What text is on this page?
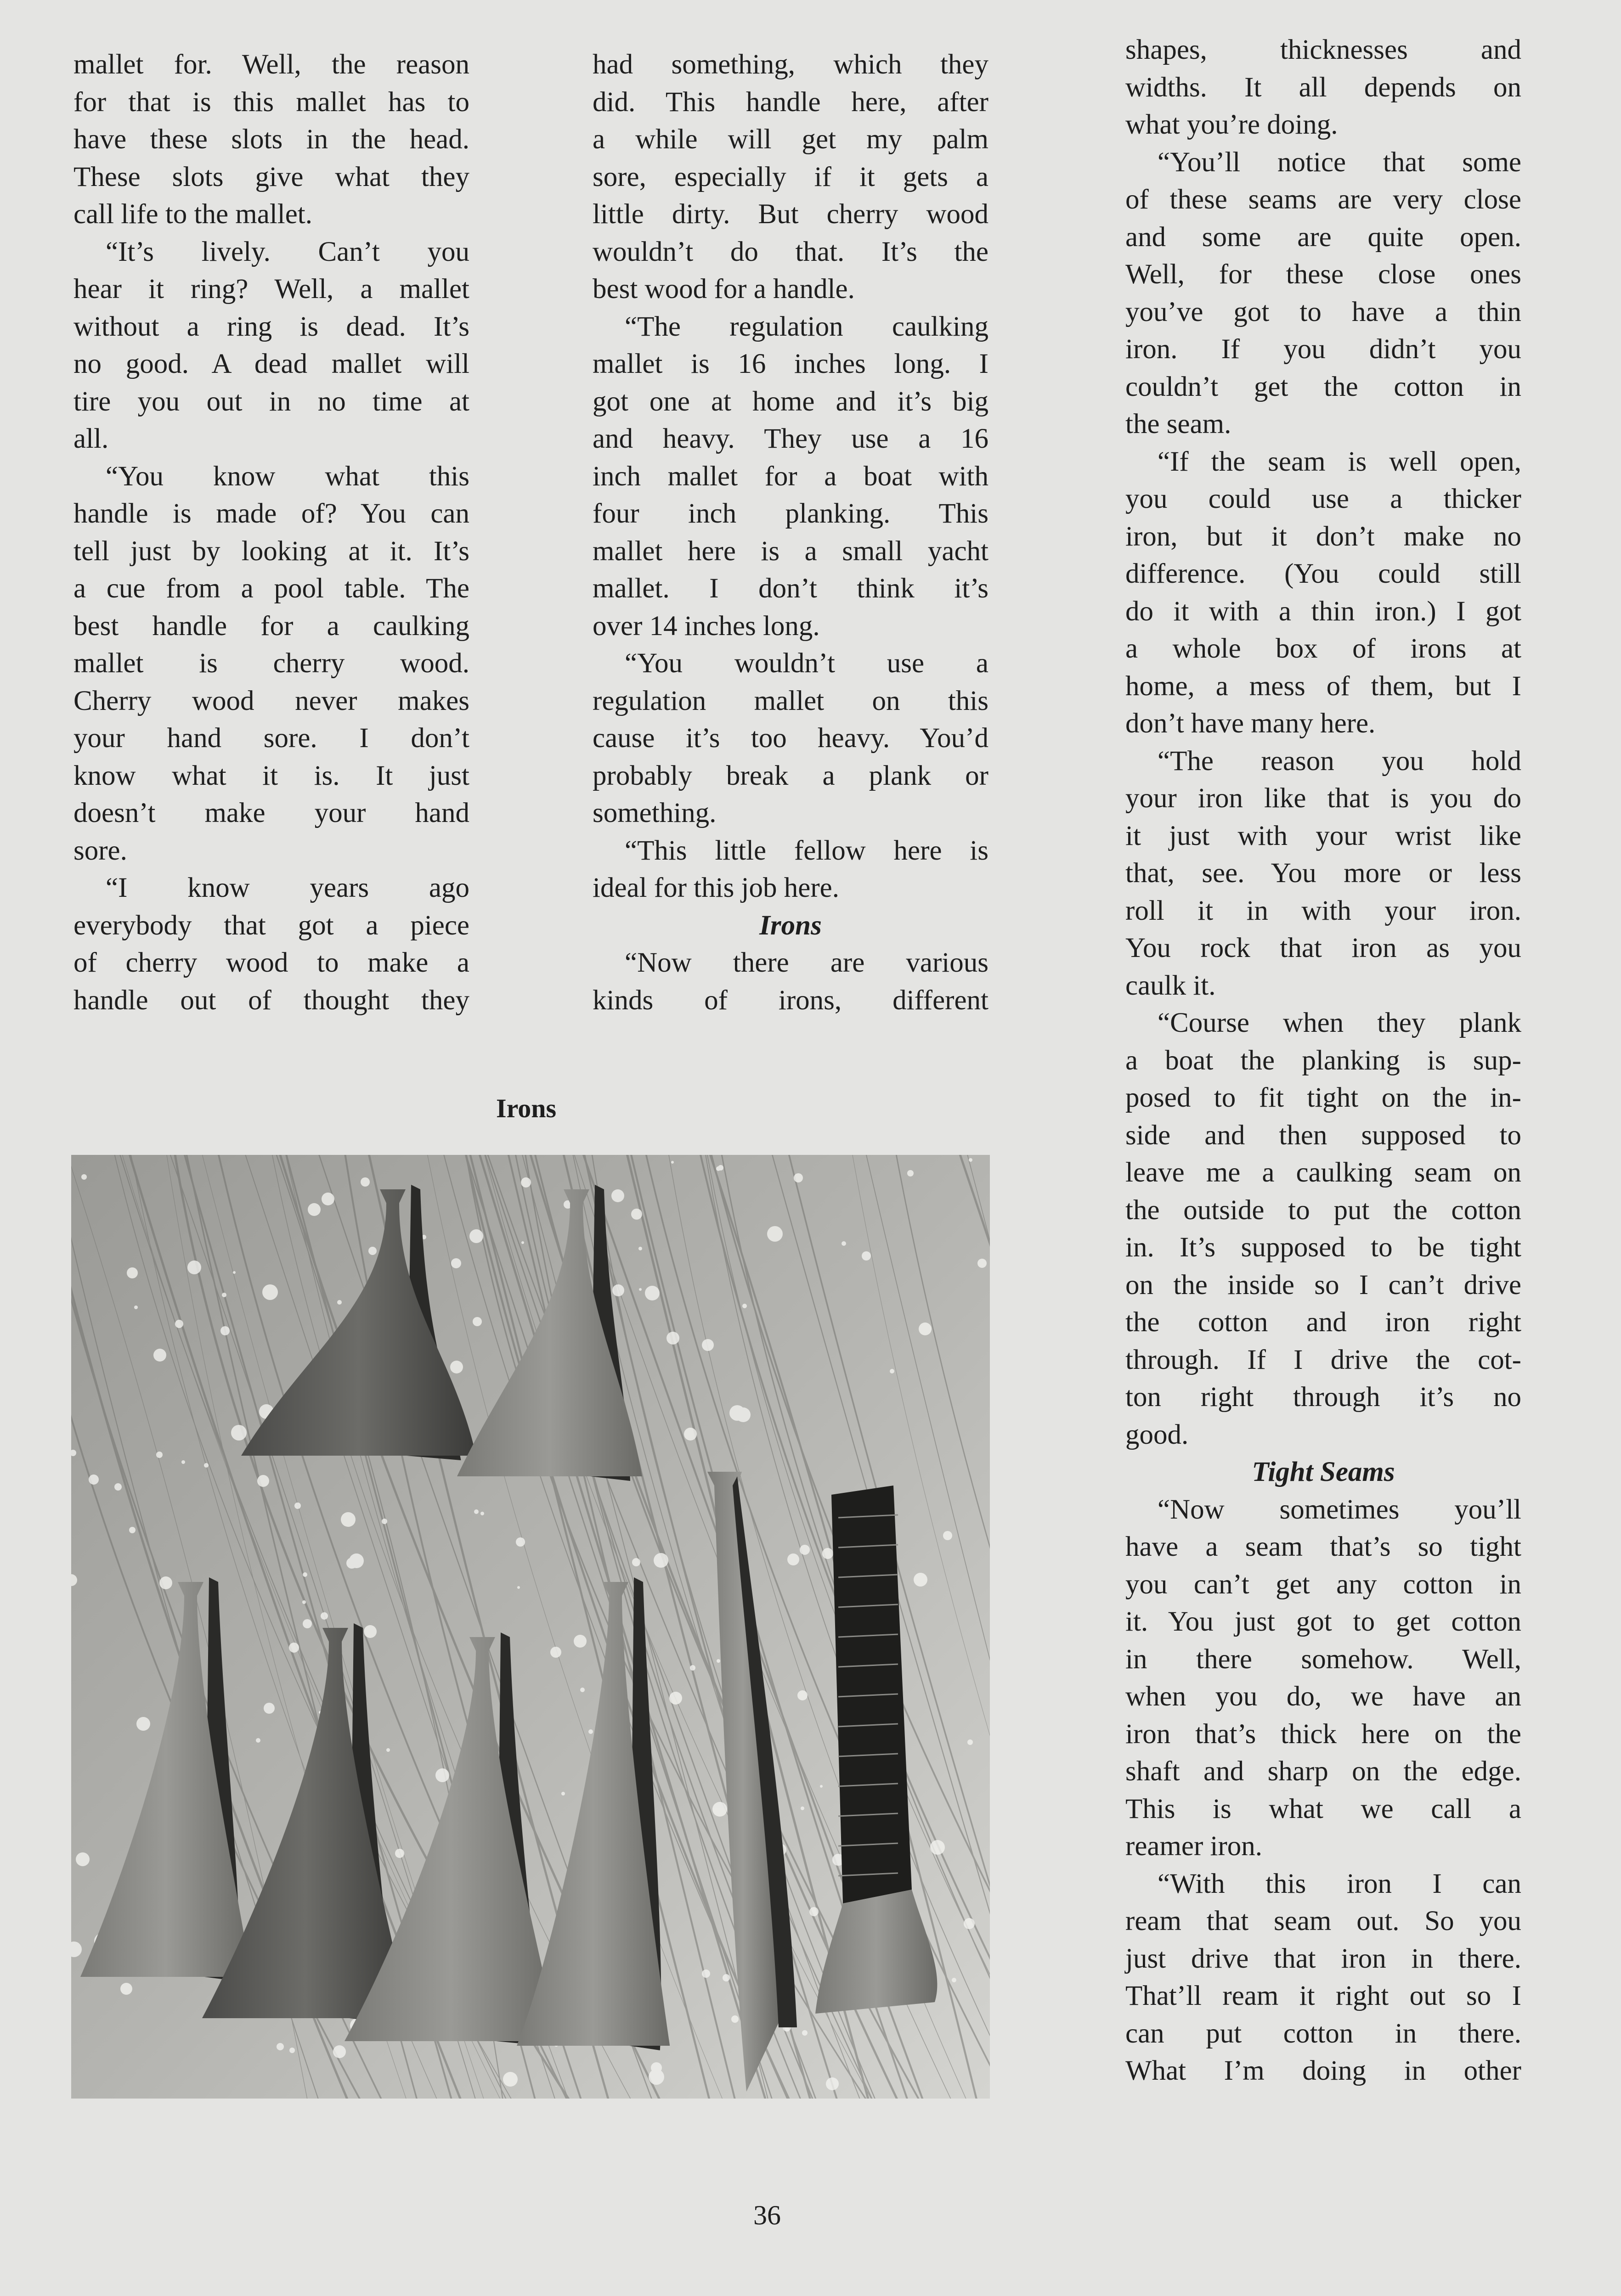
mallet for. Well, the reason
for that is this mallet has to
have these slots in the head.
These slots give what they
call life to the mallet.
“It’s lively. Can’t you
hear it ring? Well, a mallet
without a ring is dead. It’s
no good. A dead mallet will
tire you out in no time at
all.
“You know what this
handle is made of? You can
tell just by looking at it. It’s
a cue from a pool table. The
best handle for a caulking
mallet is cherry wood.
Cherry wood never makes
your hand sore. I don’t
know what it is. It just
doesn’t make your hand
sore.
“I know years ago
everybody that got a piece
of cherry wood to make a
handle out of thought they
had something, which they
did. This handle here, after
a while will get my palm
sore, especially if it gets a
little dirty. But cherry wood
wouldn’t do that. It’s the
best wood for a handle.
“The regulation caulking
mallet is 16 inches long. I
got one at home and it’s big
and heavy. They use a 16
inch mallet for a boat with
four inch planking. This
mallet here is a small yacht
mallet. I don’t think it’s
over 14 inches long.
“You wouldn’t use a
regulation mallet on this
cause it’s too heavy. You’d
probably break a plank or
something.
“This little fellow here is
ideal for this job here.
Irons
“Now there are various
kinds of irons, different
shapes, thicknesses and
widths. It all depends on
what you’re doing.
“You’ll notice that some
of these seams are very close
and some are quite open.
Well, for these close ones
you’ve got to have a thin
iron. If you didn’t you
couldn’t get the cotton in
the seam.
“If the seam is well open,
you could use a thicker
iron, but it don’t make no
difference. (You could still
do it with a thin iron.) I got
a whole box of irons at
home, a mess of them, but I
don’t have many here.
“The reason you hold
your iron like that is you do
it just with your wrist like
that, see. You more or less
roll it in with your iron.
You rock that iron as you
caulk it.
“Course when they plank
a boat the planking is sup-
posed to fit tight on the in-
side and then supposed to
leave me a caulking seam on
the outside to put the cotton
in. It’s supposed to be tight
on the inside so I can’t drive
the cotton and iron right
through. If I drive the cot-
ton right through it’s no
good.
Tight Seams
“Now sometimes you’ll
have a seam that’s so tight
you can’t get any cotton in
it. You just got to get cotton
in there somehow. Well,
when you do, we have an
iron that’s thick here on the
shaft and sharp on the edge.
This is what we call a
reamer iron.
“With this iron I can
ream that seam out. So you
just drive that iron in there.
That’ll ream it right out so I
can put cotton in there.
What I’m doing in other
Irons
36
